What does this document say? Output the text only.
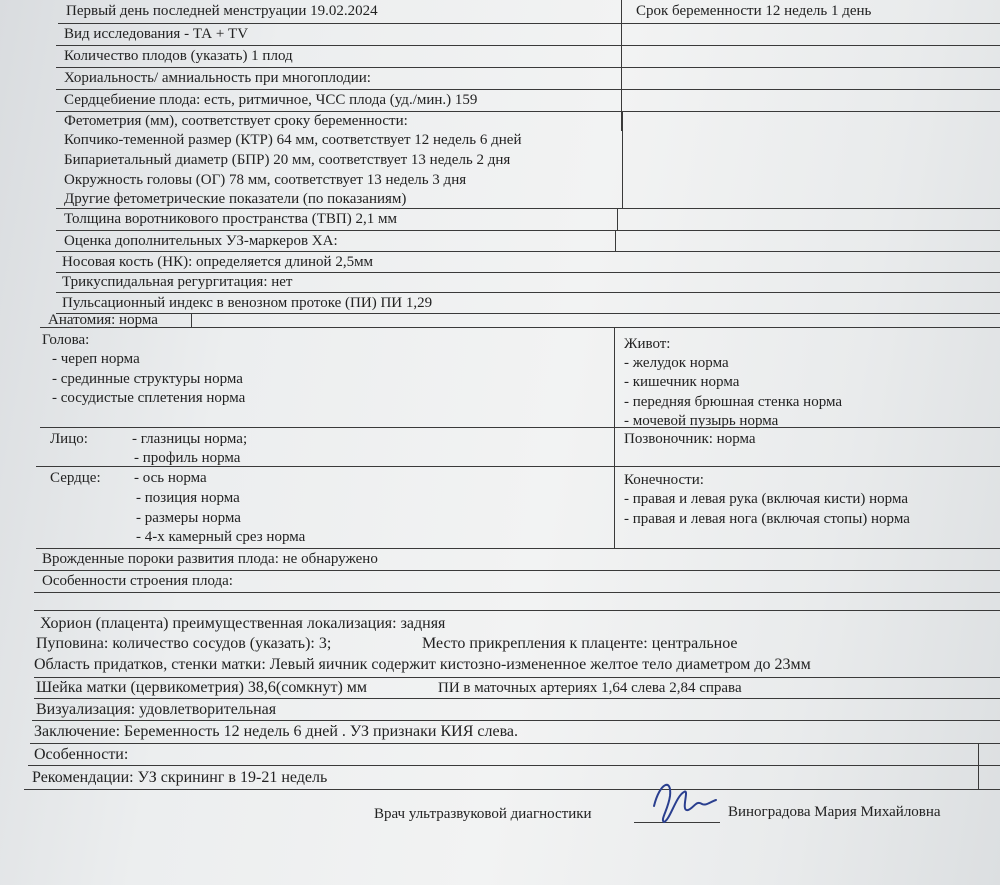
Первый день последней менструации 19.02.2024	Срок беременности 12 недель 1 день
Вид исследования - ТА + TV
Количество плодов (указать) 1 плод
Хориальность/ амниальность при многоплодии:
Сердцебиение плода: есть, ритмичное, ЧСС плода (уд./мин.) 159
Фетометрия (мм), соответствует сроку беременности:
Копчико-теменной размер (КТР) 64 мм, соответствует 12 недель 6 дней
Бипариетальный диаметр (БПР) 20 мм, соответствует 13 недель 2 дня
Окружность головы (ОГ) 78 мм, соответствует 13 недель 3 дня
Другие фетометрические показатели (по показаниям)
Толщина воротникового пространства (ТВП) 2,1 мм
Оценка дополнительных УЗ-маркеров ХА:
Носовая кость (НК): определяется длиной 2,5мм
Трикуспидальная регургитация: нет
Пульсационный индекс в венозном протоке (ПИ) ПИ 1,29
Анатомия: норма
Голова:
- череп норма
- срединные структуры норма
- сосудистые сплетения норма
Живот:
- желудок норма
- кишечник норма
- передняя брюшная стенка норма
- мочевой пузырь норма
Лицо:	- глазницы норма;
- профиль норма
Позвоночник: норма
Сердце: - ось норма
- позиция норма
- размеры норма
- 4-х камерный срез норма
Конечности:
- правая и левая рука (включая кисти) норма
- правая и левая нога (включая стопы) норма
Врожденные пороки развития плода: не обнаружено
Особенности строения плода:
Хорион (плацента) преимущественная локализация: задняя
Пуповина: количество сосудов (указать): 3;	Место прикрепления к плаценте: центральное
Область придатков, стенки матки: Левый яичник содержит кистозно-измененное желтое тело диаметром до 23мм
Шейка матки (цервикометрия) 38,6(сомкнут) мм	ПИ в маточных артериях 1,64 слева 2,84 справа
Визуализация: удовлетворительная
Заключение: Беременность 12 недель 6 дней . УЗ признаки КИЯ слева.
Особенности:
Рекомендации: УЗ скрининг в 19-21 недель
Врач ультразвуковой диагностики	Виноградова Мария Михайловна
